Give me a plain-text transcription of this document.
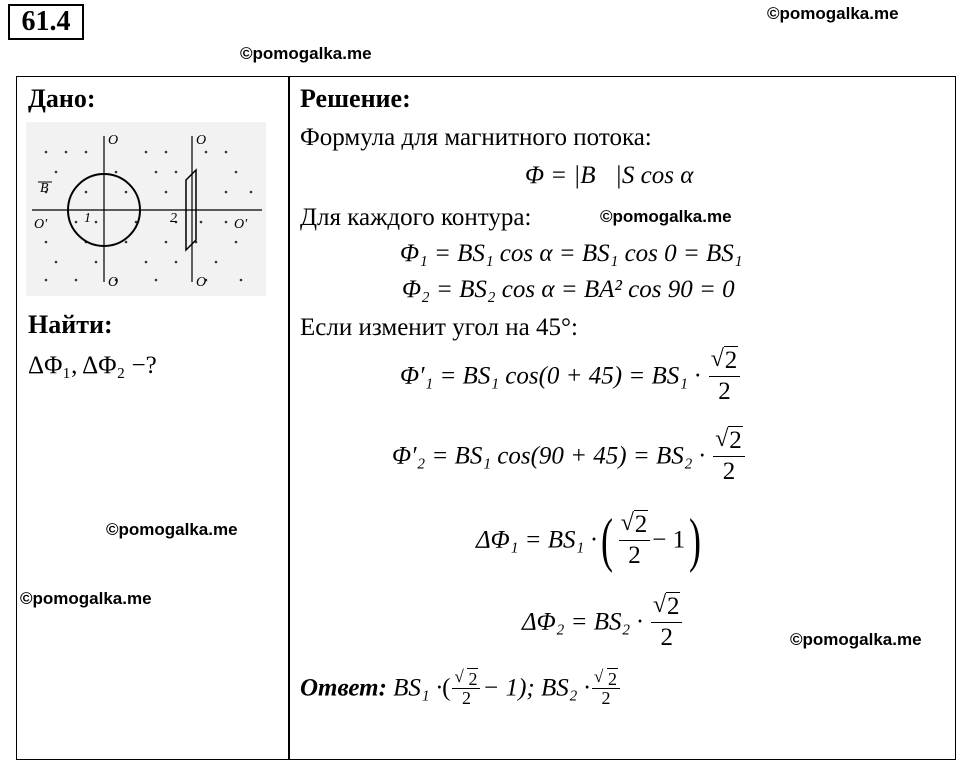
61.4	©pomogalka.me
©pomogalka.me
©pomogalka.me
©pomogalka.me
©pomogalka.me
©pomogalka.me
Дано:
O	O
O	O
O'	O'
1	2
B
Найти:
ΔΦ₁, ΔΦ₂ −?
Решение:
Формула для магнитного потока:
Φ = |B⃗|S cos α
Для каждого контура:
Φ₁ = BS₁ cos α = BS₁ cos 0 = BS₁
Φ₂ = BS₂ cos α = BA² cos 90 = 0
Если изменит угол на 45°:
Φ′₁ = BS₁ $\cos(0 + 45) = BS_1 \cdot \frac{√ 2}{2}$
Φ′₂ = BS₁ $\cos(90 + 45) = BS_2 \cdot \frac{√ 2}{2}$
ΔΦ₁ = BS₁ ·( $\frac{√ 2}{2} - 1$)
$\Delta\Phi_2 = BS_2 \cdot \frac{√ 2}{2}$
Ответ: BS₁ ·( $\frac{√ 2}{2} - 1$); $BS_2 \cdot \frac{√ 2}{2}$
